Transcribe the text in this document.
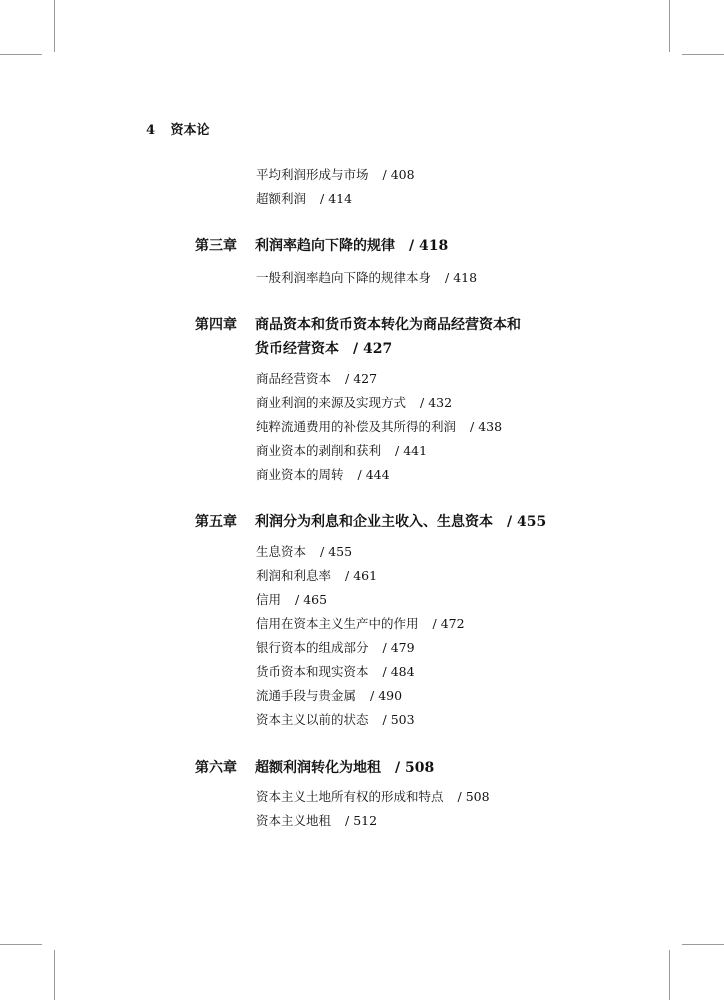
4 资本论
平均利润形成与市场 / 408
超额利润 / 414
第三章 利润率趋向下降的规律 / 418
一般利润率趋向下降的规律本身 / 418
第四章 商品资本和货币资本转化为商品经营资本和
货币经营资本 / 427
商品经营资本 / 427
商业利润的来源及实现方式 / 432
纯粹流通费用的补偿及其所得的利润 / 438
商业资本的剥削和获利 / 441
商业资本的周转 / 444
第五章 利润分为利息和企业主收入、生息资本 / 455
生息资本 / 455
利润和利息率 / 461
信用 / 465
信用在资本主义生产中的作用 / 472
银行资本的组成部分 / 479
货币资本和现实资本 / 484
流通手段与贵金属 / 490
资本主义以前的状态 / 503
第六章 超额利润转化为地租 / 508
资本主义土地所有权的形成和特点 / 508
资本主义地租 / 512
